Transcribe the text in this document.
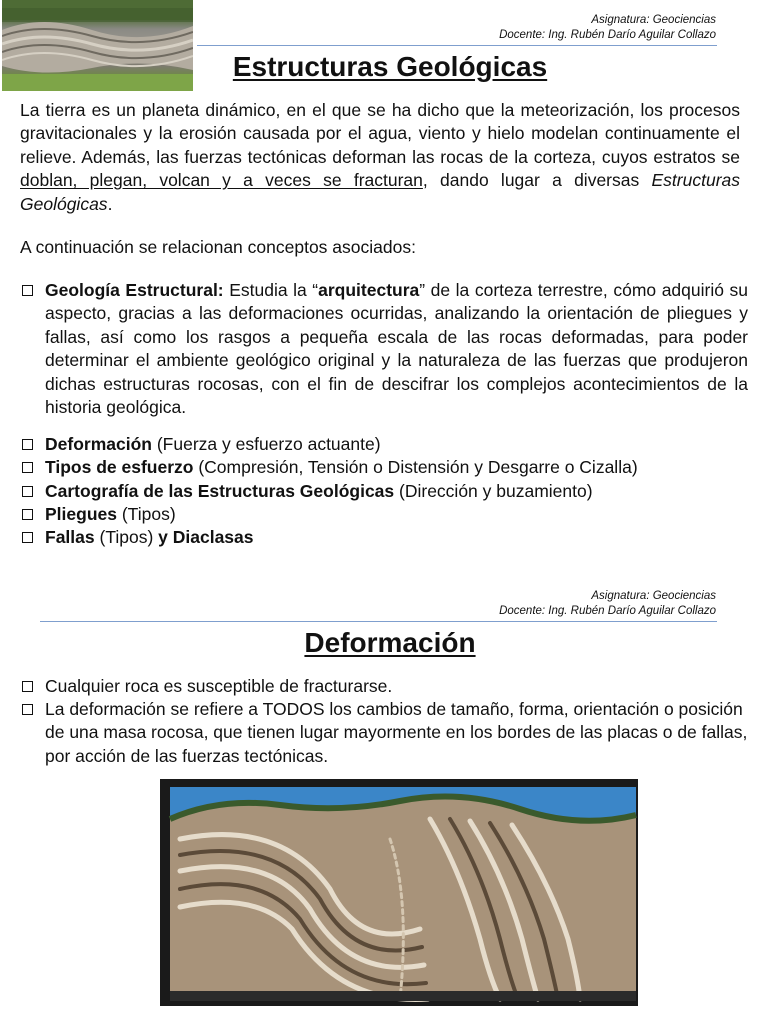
Asignatura: Geociencias
Docente: Ing. Rubén Darío Aguilar Collazo
Estructuras Geológicas
La tierra es un planeta dinámico, en el que se ha dicho que la meteorización, los procesos gravitacionales y la erosión causada por el agua, viento y hielo modelan continuamente el relieve. Además, las fuerzas tectónicas deforman las rocas de la corteza, cuyos estratos se doblan, plegan, volcan y a veces se fracturan, dando lugar a diversas Estructuras Geológicas.
A continuación se relacionan conceptos asociados:
Geología Estructural: Estudia la “arquitectura” de la corteza terrestre, cómo adquirió su aspecto, gracias a las deformaciones ocurridas, analizando la orientación de pliegues y fallas, así como los rasgos a pequeña escala de las rocas deformadas, para poder determinar el ambiente geológico original y la naturaleza de las fuerzas que produjeron dichas estructuras rocosas, con el fin de descifrar los complejos acontecimientos de la historia geológica.
Deformación (Fuerza y esfuerzo actuante)
Tipos de esfuerzo (Compresión, Tensión o Distensión y Desgarre o Cizalla)
Cartografía de las Estructuras Geológicas (Dirección y buzamiento)
Pliegues (Tipos)
Fallas (Tipos) y Diaclasas
Asignatura: Geociencias
Docente: Ing. Rubén Darío Aguilar Collazo
Deformación
Cualquier roca es susceptible de fracturarse.
La deformación se refiere a TODOS los cambios de tamaño, forma, orientación o posición de una masa rocosa, que tienen lugar mayormente en los bordes de las placas o de fallas, por acción de las fuerzas tectónicas.
